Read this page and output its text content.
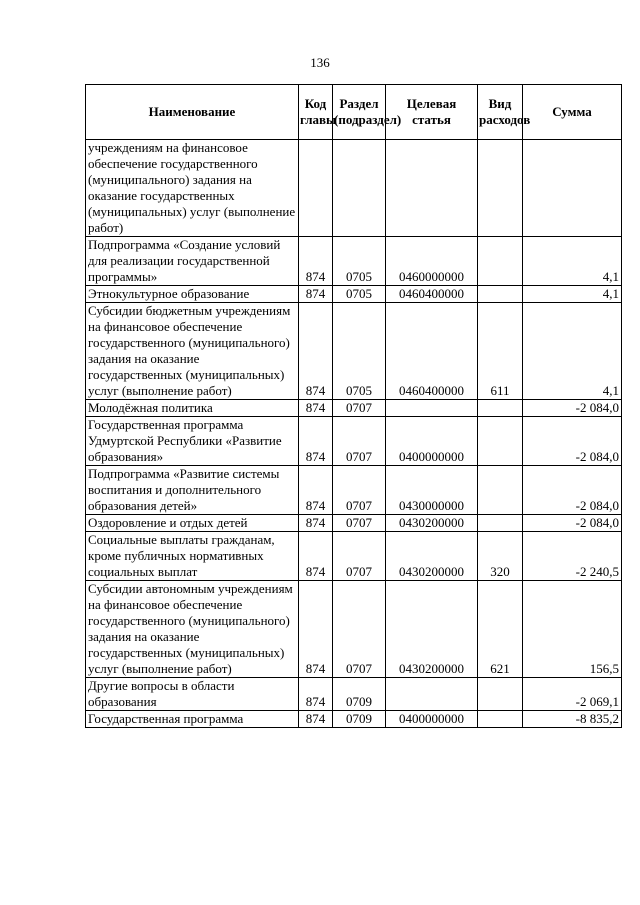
136
Наименование	Код главы	Раздел (подраздел)	Целевая статья	Вид расходов	Сумма
учреждениям на финансовое обеспечение государственного (муниципального) задания на оказание государственных (муниципальных) услуг (выполнение работ)					
Подпрограмма «Создание условий для реализации государственной программы»	874	0705	0460000000		4,1
Этнокультурное образование	874	0705	0460400000		4,1
Субсидии бюджетным учреждениям на финансовое обеспечение государственного (муниципального) задания на оказание государственных (муниципальных) услуг (выполнение работ)	874	0705	0460400000	611	4,1
Молодёжная политика	874	0707			-2 084,0
Государственная программа Удмуртской Республики «Развитие образования»	874	0707	0400000000		-2 084,0
Подпрограмма «Развитие системы воспитания и дополнительного образования детей»	874	0707	0430000000		-2 084,0
Оздоровление и отдых детей	874	0707	0430200000		-2 084,0
Социальные выплаты гражданам, кроме публичных нормативных социальных выплат	874	0707	0430200000	320	-2 240,5
Субсидии автономным учреждениям на финансовое обеспечение государственного (муниципального) задания на оказание государственных (муниципальных) услуг (выполнение работ)	874	0707	0430200000	621	156,5
Другие вопросы в области образования	874	0709			-2 069,1
Государственная программа	874	0709	0400000000		-8 835,2
